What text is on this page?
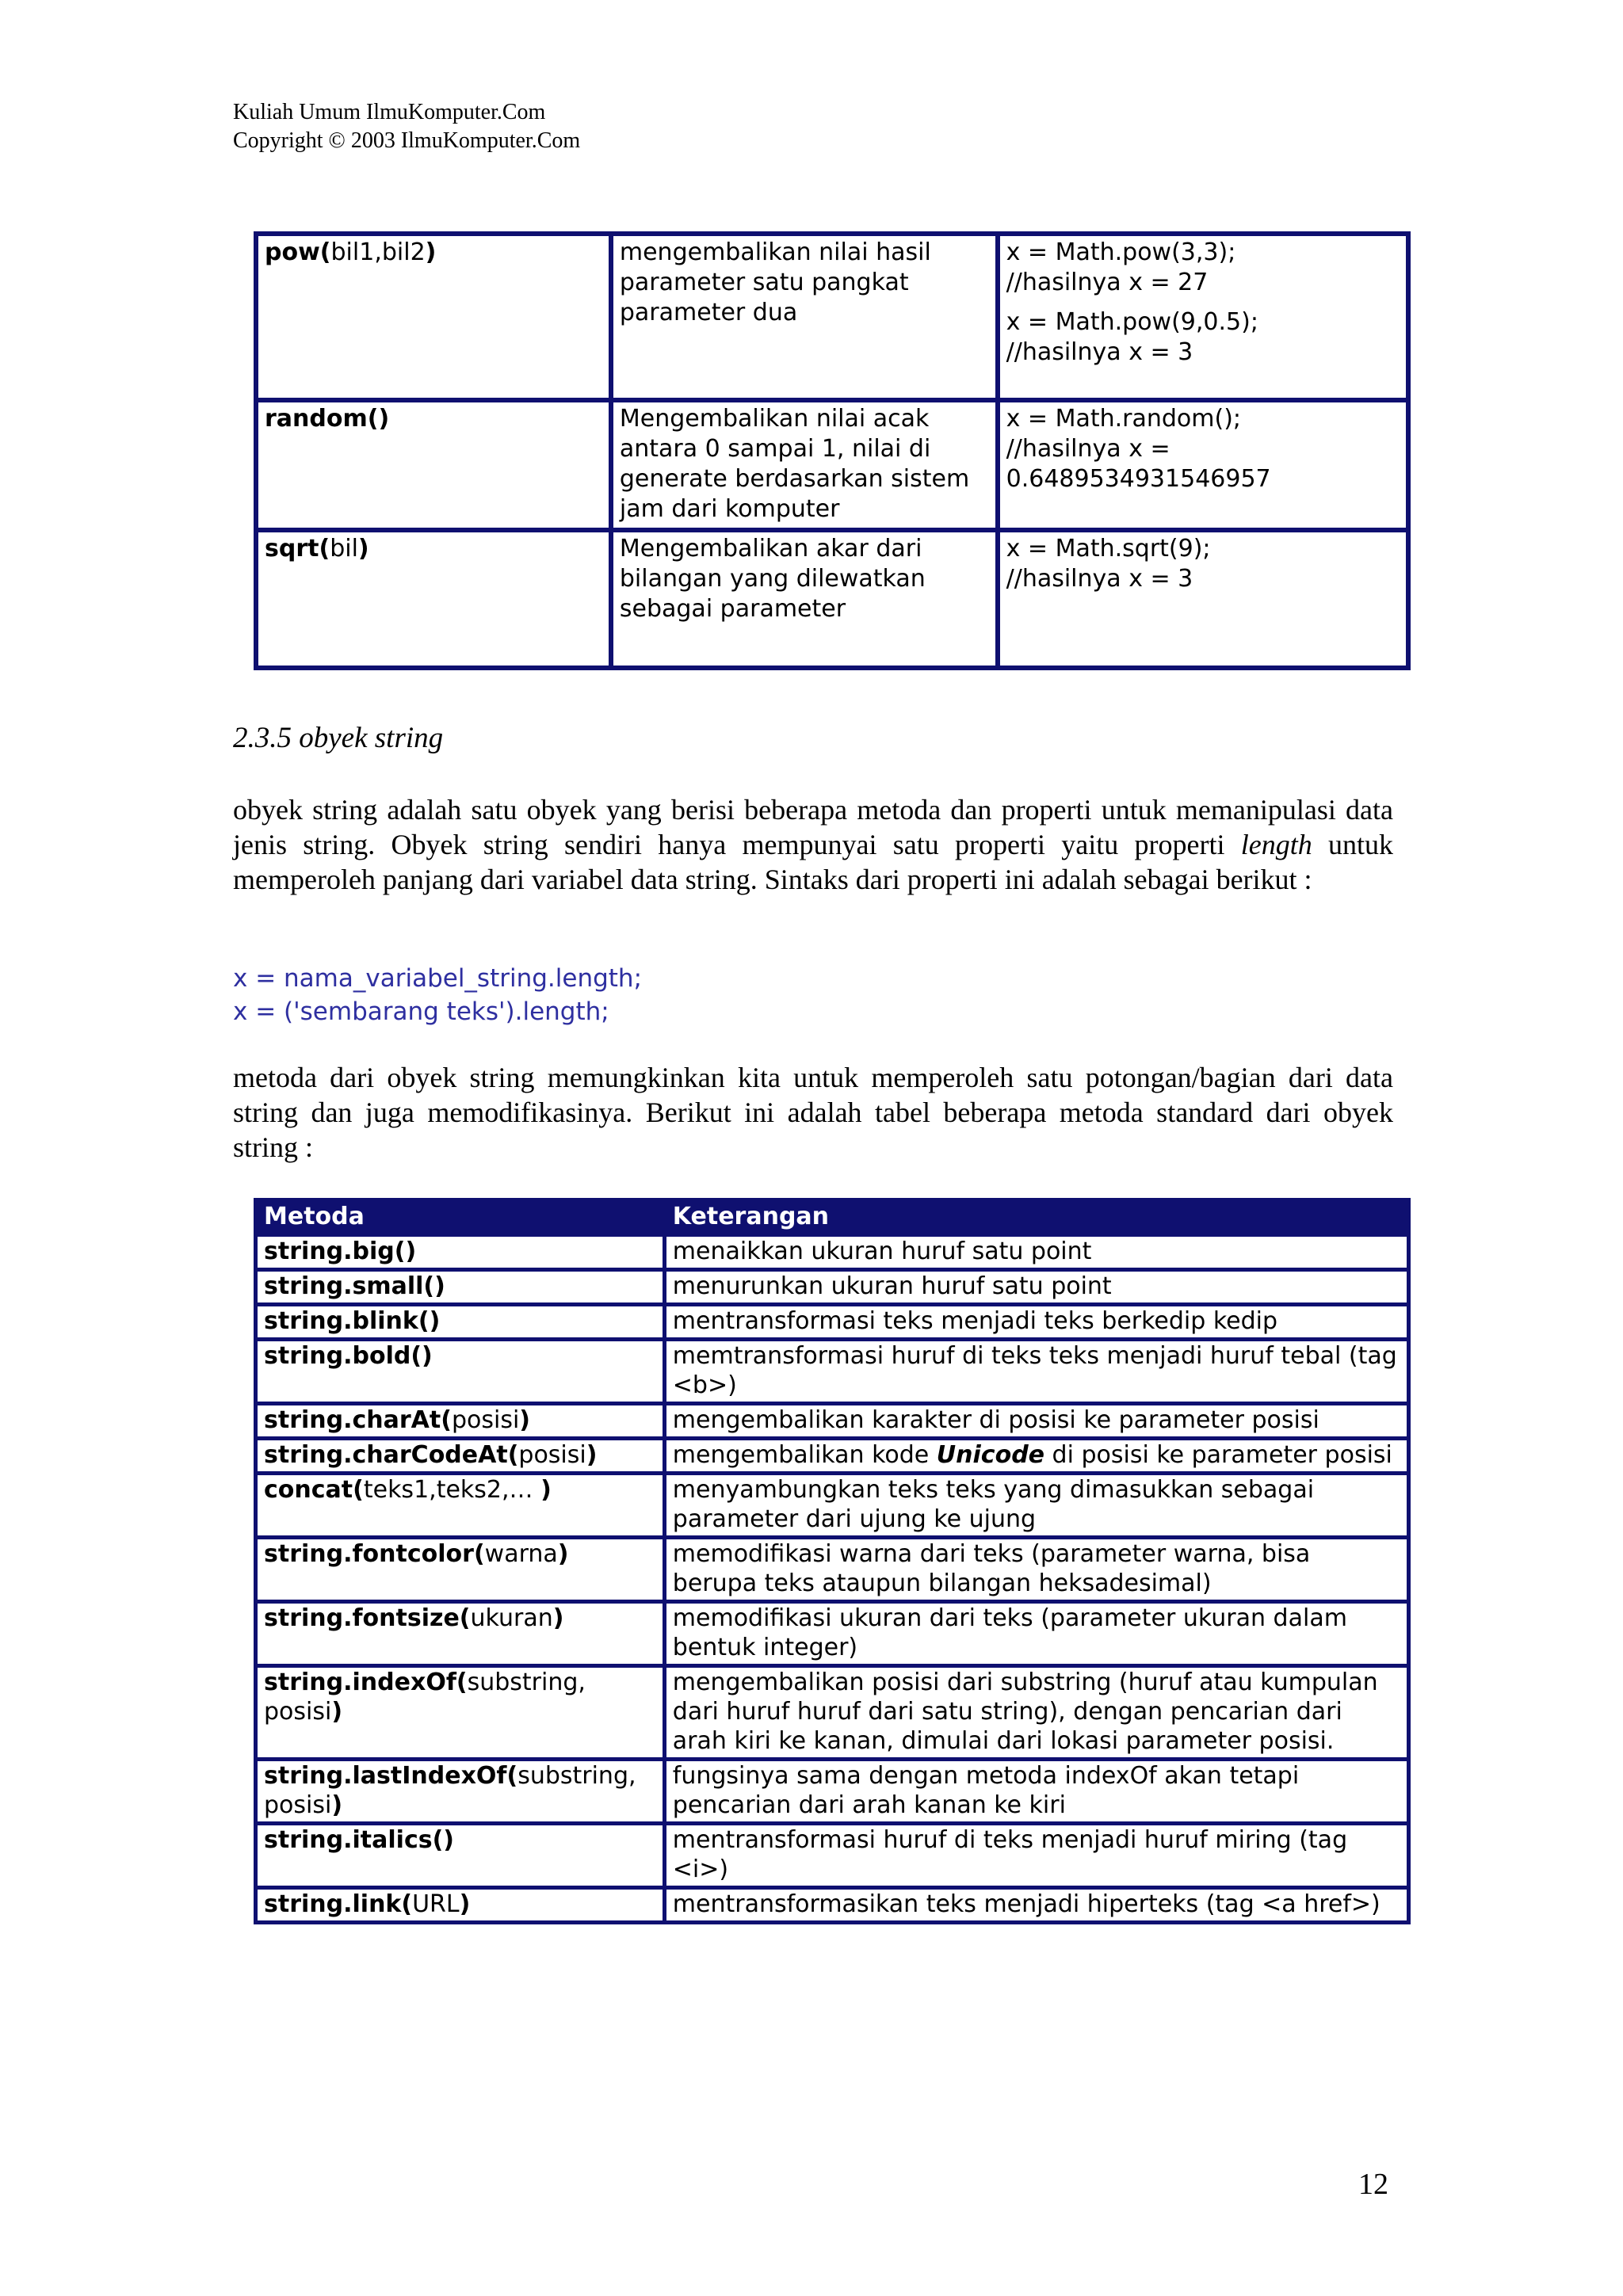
Kuliah Umum IlmuKomputer.Com
Copyright © 2003 IlmuKomputer.Com
pow(bil1,bil2)	mengembalikan nilai hasil parameter satu pangkat parameter dua	x = Math.pow(3,3);
//hasilnya x = 27
x = Math.pow(9,0.5);
//hasilnya x = 3

random()	Mengembalikan nilai acak antara 0 sampai 1, nilai di generate berdasarkan sistem jam dari komputer	x = Math.random();
//hasilnya x =
0.6489534931546957

sqrt(bil)	Mengembalikan akar dari bilangan yang dilewatkan sebagai parameter	x = Math.sqrt(9);
//hasilnya x = 3
2.3.5 obyek string
obyek string adalah satu obyek yang berisi beberapa metoda dan properti untuk memanipulasi data jenis string. Obyek string sendiri hanya mempunyai satu properti yaitu properti length untuk memperoleh panjang dari variabel data string. Sintaks dari properti ini adalah sebagai berikut :
x = nama_variabel_string.length;
x = ('sembarang teks').length;
metoda dari obyek string memungkinkan kita untuk memperoleh satu potongan/bagian dari data string dan juga memodifikasinya. Berikut ini adalah tabel beberapa metoda standard dari obyek string :
Metoda	Keterangan
string.big()	menaikkan ukuran huruf satu point
string.small()	menurunkan ukuran huruf satu point
string.blink()	mentransformasi teks menjadi teks berkedip kedip
string.bold()	memtransformasi huruf di teks teks menjadi huruf tebal (tag <b>)
string.charAt(posisi)	mengembalikan karakter di posisi ke parameter posisi
string.charCodeAt(posisi)	mengembalikan kode Unicode di posisi ke parameter posisi
concat(teks1,teks2,… )	menyambungkan teks teks yang dimasukkan sebagai parameter dari ujung ke ujung
string.fontcolor(warna)	memodifikasi warna dari teks (parameter warna, bisa berupa teks ataupun bilangan heksadesimal)
string.fontsize(ukuran)	memodifikasi ukuran dari teks (parameter ukuran dalam bentuk integer)
string.indexOf(substring, posisi)	mengembalikan posisi dari substring (huruf atau kumpulan dari huruf huruf dari satu string), dengan pencarian dari arah kiri ke kanan, dimulai dari lokasi parameter posisi.
string.lastIndexOf(substring, posisi)	fungsinya sama dengan metoda indexOf akan tetapi pencarian dari arah kanan ke kiri
string.italics()	mentransformasi huruf di teks menjadi huruf miring (tag <i>)
string.link(URL)	mentransformasikan teks menjadi hiperteks (tag <a href>)
12
